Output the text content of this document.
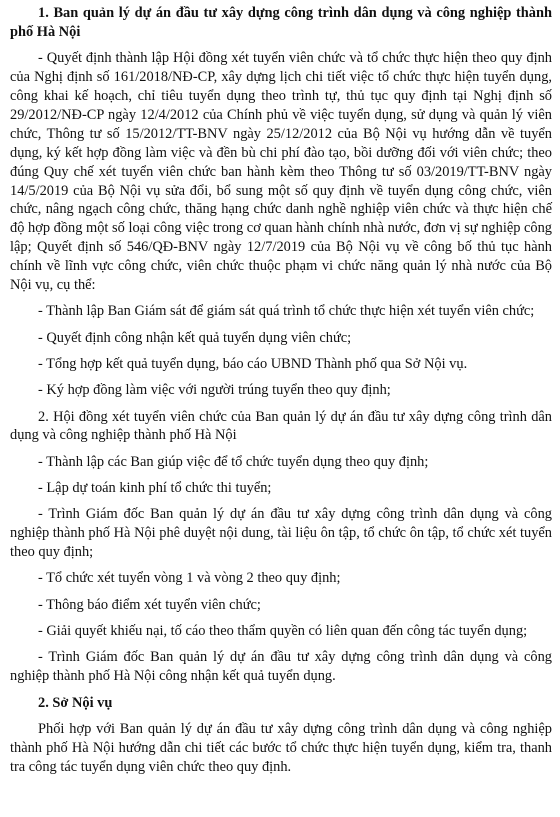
1. Ban quản lý dự án đầu tư xây dựng công trình dân dụng và công nghiệp thành phố Hà Nội

- Quyết định thành lập Hội đồng xét tuyển viên chức và tổ chức thực hiện theo quy định của Nghị định số 161/2018/NĐ-CP, xây dựng lịch chi tiết việc tổ chức thực hiện tuyển dụng, công khai kế hoạch, chỉ tiêu tuyển dụng theo trình tự, thủ tục quy định tại Nghị định số 29/2012/NĐ-CP ngày 12/4/2012 của Chính phủ về việc tuyển dụng, sử dụng và quản lý viên chức, Thông tư số 15/2012/TT-BNV ngày 25/12/2012 của Bộ Nội vụ hướng dẫn về tuyển dụng, ký kết hợp đồng làm việc và đền bù chi phí đào tạo, bồi dưỡng đối với viên chức; theo đúng Quy chế xét tuyển viên chức ban hành kèm theo Thông tư số 03/2019/TT-BNV ngày 14/5/2019 của Bộ Nội vụ sửa đổi, bổ sung một số quy định về tuyển dụng công chức, viên chức, nâng ngạch công chức, thăng hạng chức danh nghề nghiệp viên chức và thực hiện chế độ hợp đồng một số loại công việc trong cơ quan hành chính nhà nước, đơn vị sự nghiệp công lập; Quyết định số 546/QĐ-BNV ngày 12/7/2019 của Bộ Nội vụ về công bố thủ tục hành chính về lĩnh vực công chức, viên chức thuộc phạm vi chức năng quản lý nhà nước của Bộ Nội vụ, cụ thể:

- Thành lập Ban Giám sát để giám sát quá trình tổ chức thực hiện xét tuyển viên chức;

- Quyết định công nhận kết quả tuyển dụng viên chức;

- Tổng hợp kết quả tuyển dụng, báo cáo UBND Thành phố qua Sở Nội vụ.

- Ký hợp đồng làm việc với người trúng tuyển theo quy định;

2. Hội đồng xét tuyển viên chức của Ban quản lý dự án đầu tư xây dựng công trình dân dụng và công nghiệp thành phố Hà Nội

- Thành lập các Ban giúp việc để tổ chức tuyển dụng theo quy định;

- Lập dự toán kinh phí tổ chức thi tuyển;

- Trình Giám đốc Ban quản lý dự án đầu tư xây dựng công trình dân dụng và công nghiệp thành phố Hà Nội phê duyệt nội dung, tài liệu ôn tập, tổ chức ôn tập, tổ chức xét tuyển theo quy định;

- Tổ chức xét tuyển vòng 1 và vòng 2 theo quy định;

- Thông báo điểm xét tuyển viên chức;

- Giải quyết khiếu nại, tố cáo theo thẩm quyền có liên quan đến công tác tuyển dụng;

- Trình Giám đốc Ban quản lý dự án đầu tư xây dựng công trình dân dụng và công nghiệp thành phố Hà Nội công nhận kết quả tuyển dụng.

2. Sở Nội vụ

Phối hợp với Ban quản lý dự án đầu tư xây dựng công trình dân dụng và công nghiệp thành phố Hà Nội hướng dẫn chi tiết các bước tổ chức thực hiện tuyển dụng, kiểm tra, thanh tra công tác tuyển dụng viên chức theo quy định.
